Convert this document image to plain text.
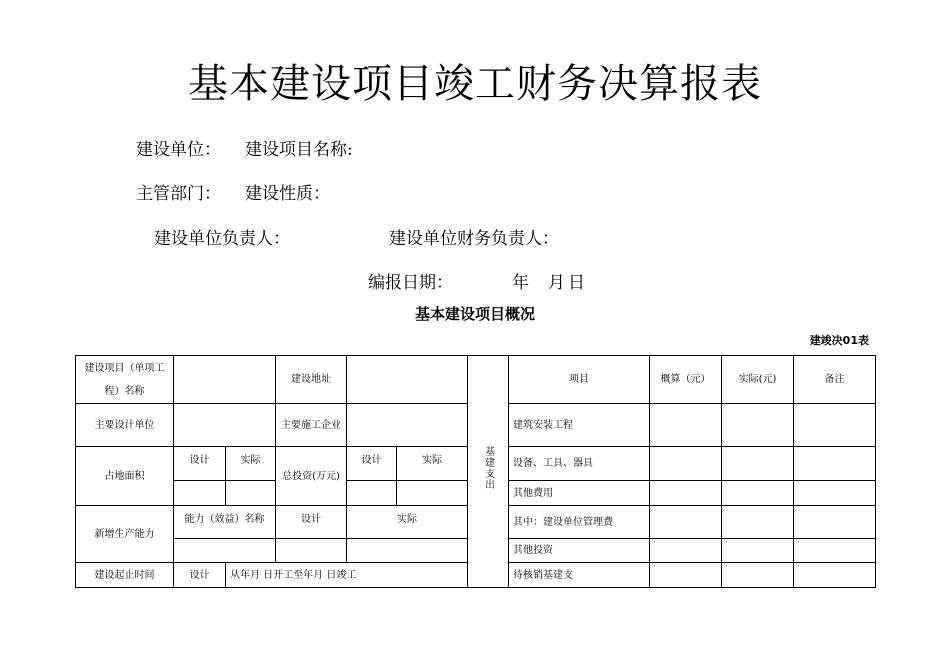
基本建设项目竣工财务决算报表
建设单位： 建设项目名称:
主管部门： 建设性质：
建设单位负责人：	建设单位财务负责人：
编报日期：	年 月日
基本建设项目概况
建竣决01表
建设项目（单项工程）名称			建设地址			基建支出	项目	概算（元）	实际(元)	备注
主要设计单位			主要施工企业				建筑安装工程			
占地面积	设计	实际	总投资(万元)	设计	实际		设备、工具、器具			
							其他费用			
新增生产能力	能力（效益）名称		设计	实际			其中：建设单位管理费			
							其他投资			
建设起止时间	设计	从年月 日开工至年月 日竣工					待核销基建支			
